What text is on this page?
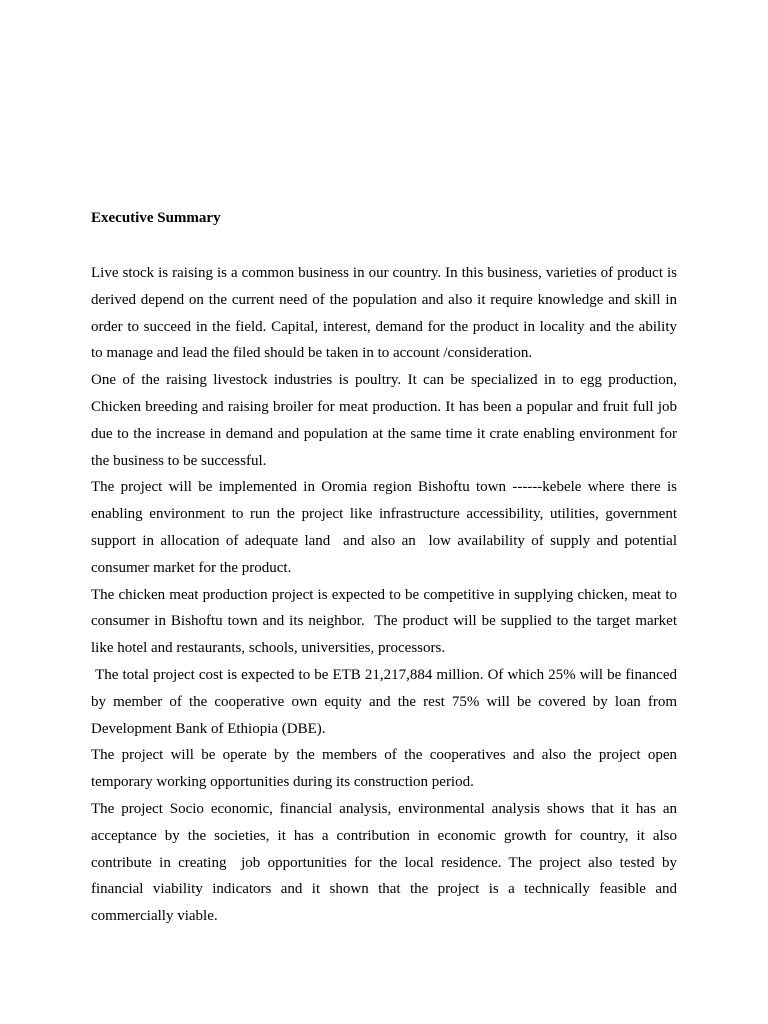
Executive Summary

Live stock is raising is a common business in our country. In this business, varieties of product is derived depend on the current need of the population and also it require knowledge and skill in order to succeed in the field. Capital, interest, demand for the product in locality and the ability to manage and lead the filed should be taken in to account /consideration.

One of the raising livestock industries is poultry. It can be specialized in to egg production, Chicken breeding and raising broiler for meat production. It has been a popular and fruit full job due to the increase in demand and population at the same time it crate enabling environment for the business to be successful.

The project will be implemented in Oromia region Bishoftu town ------kebele where there is enabling environment to run the project like infrastructure accessibility, utilities, government support in allocation of adequate land  and also an  low availability of supply and potential consumer market for the product.

The chicken meat production project is expected to be competitive in supplying chicken, meat to consumer in Bishoftu town and its neighbor.  The product will be supplied to the target market like hotel and restaurants, schools, universities, processors.

The total project cost is expected to be ETB 21,217,884 million. Of which 25% will be financed by member of the cooperative own equity and the rest 75% will be covered by loan from Development Bank of Ethiopia (DBE).

The project will be operate by the members of the cooperatives and also the project open temporary working opportunities during its construction period.

The project Socio economic, financial analysis, environmental analysis shows that it has an acceptance by the societies, it has a contribution in economic growth for country, it also contribute in creating  job opportunities for the local residence. The project also tested by financial viability indicators and it shown that the project is a technically feasible and commercially viable.
